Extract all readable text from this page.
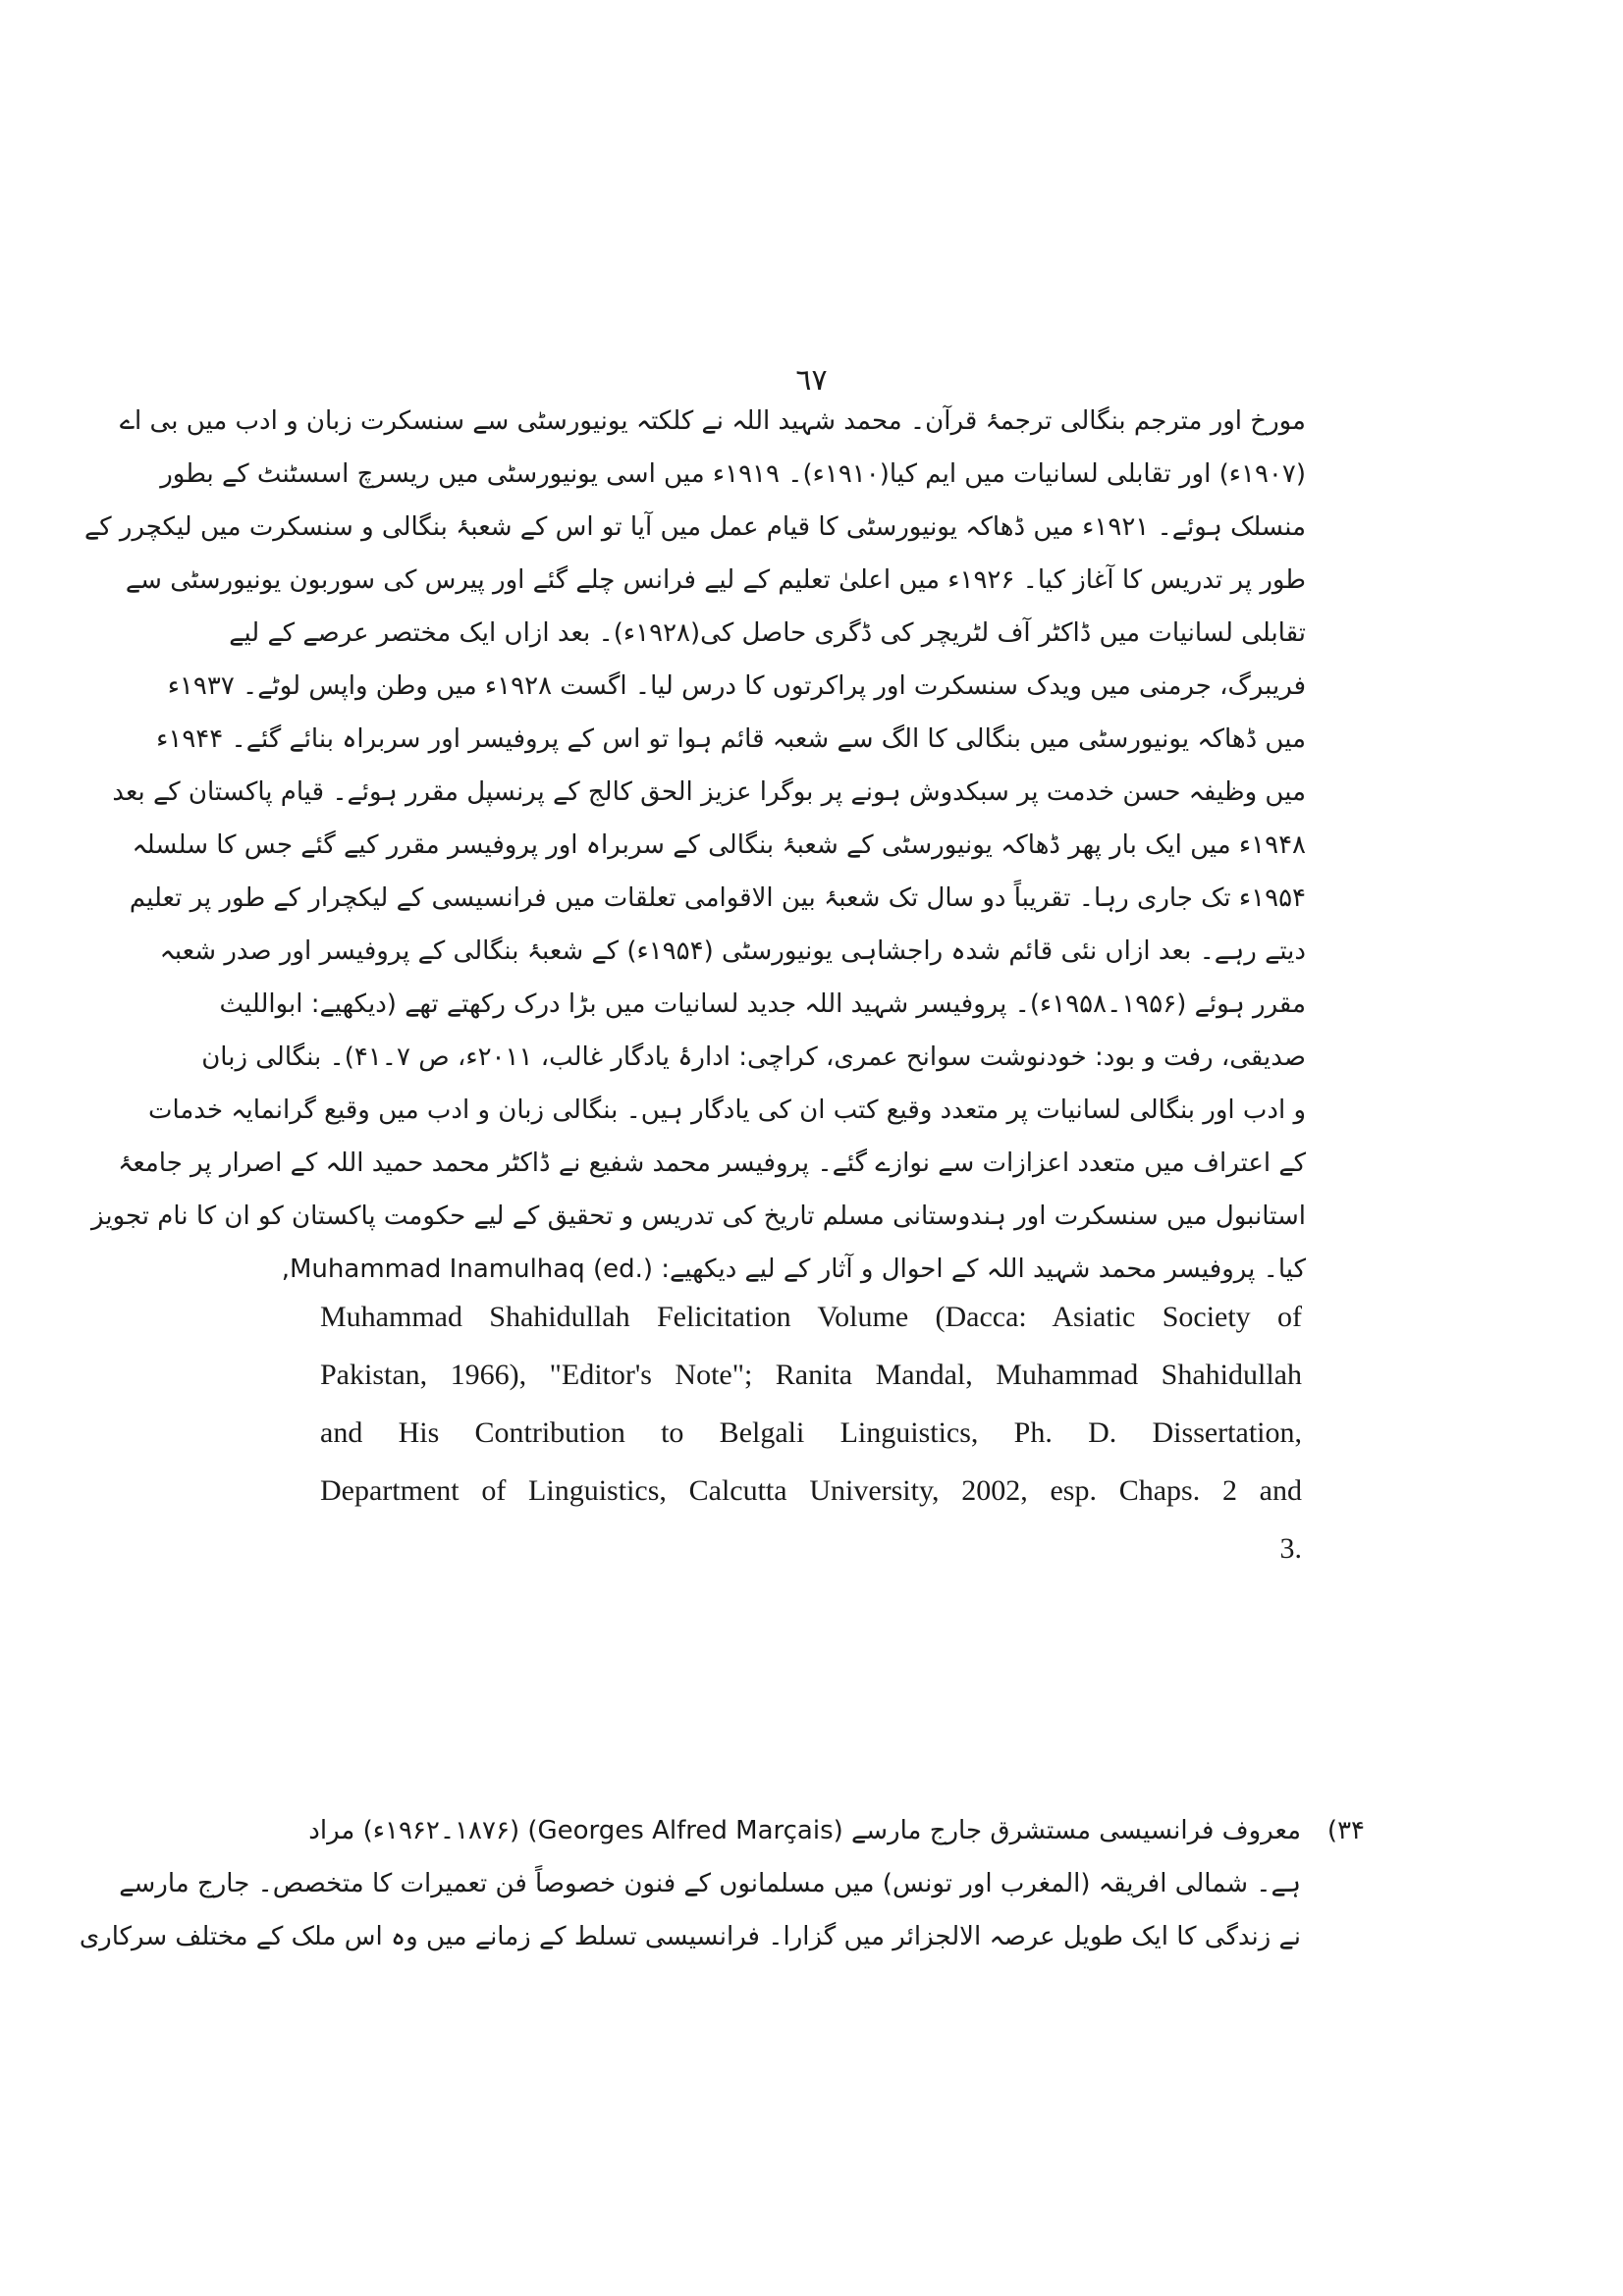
٦٧
مورخ اور مترجم بنگالی ترجمۂ قرآن۔ محمد شہید اللہ نے کلکتہ یونیورسٹی سے سنسکرت زبان و ادب میں بی اے
(۱۹۰۷ء) اور تقابلی لسانیات میں ایم کیا(۱۹۱۰ء)۔ ۱۹۱۹ء میں اسی یونیورسٹی میں ریسرچ اسسٹنٹ کے بطور
منسلک ہوئے۔ ۱۹۲۱ء میں ڈھاکہ یونیورسٹی کا قیام عمل میں آیا تو اس کے شعبۂ بنگالی و سنسکرت میں لیکچرر کے
طور پر تدریس کا آغاز کیا۔ ۱۹۲۶ء میں اعلیٰ تعلیم کے لیے فرانس چلے گئے اور پیرس کی سوربون یونیورسٹی سے
تقابلی لسانیات میں ڈاکٹر آف لٹریچر کی ڈگری حاصل کی(۱۹۲۸ء)۔ بعد ازاں ایک مختصر عرصے کے لیے
فریبرگ، جرمنی میں ویدک سنسکرت اور پراکرتوں کا درس لیا۔ اگست ۱۹۲۸ء میں وطن واپس لوٹے۔ ۱۹۳۷ء
میں ڈھاکہ یونیورسٹی میں بنگالی کا الگ سے شعبہ قائم ہوا تو اس کے پروفیسر اور سربراہ بنائے گئے۔ ۱۹۴۴ء
میں وظیفہ حسن خدمت پر سبکدوش ہونے پر بوگرا عزیز الحق کالج کے پرنسپل مقرر ہوئے۔ قیام پاکستان کے بعد
۱۹۴۸ء میں ایک بار پھر ڈھاکہ یونیورسٹی کے شعبۂ بنگالی کے سربراہ اور پروفیسر مقرر کیے گئے جس کا سلسلہ
۱۹۵۴ء تک جاری رہا۔ تقریباً دو سال تک شعبۂ بین الاقوامی تعلقات میں فرانسیسی کے لیکچرار کے طور پر تعلیم
دیتے رہے۔ بعد ازاں نئی قائم شدہ راجشاہی یونیورسٹی (۱۹۵۴ء) کے شعبۂ بنگالی کے پروفیسر اور صدر شعبہ
مقرر ہوئے (۱۹۵۶۔۱۹۵۸ء)۔ پروفیسر شہید اللہ جدید لسانیات میں بڑا درک رکھتے تھے (دیکھیے: ابواللیث
صدیقی، رفت و بود: خودنوشت سوانح عمری، کراچی: ادارۂ یادگار غالب، ۲۰۱۱ء، ص ۷۔۴۱)۔ بنگالی زبان
و ادب اور بنگالی لسانیات پر متعدد وقیع کتب ان کی یادگار ہیں۔ بنگالی زبان و ادب میں وقیع گرانمایہ خدمات
کے اعتراف میں متعدد اعزازات سے نوازے گئے۔ پروفیسر محمد شفیع نے ڈاکٹر محمد حمید اللہ کے اصرار پر جامعۂ
استانبول میں سنسکرت اور ہندوستانی مسلم تاریخ کی تدریس و تحقیق کے لیے حکومت پاکستان کو ان کا نام تجویز
کیا۔ پروفیسر محمد شہید اللہ کے احوال و آثار کے لیے دیکھیے: Muhammad Inamulhaq (ed.),
Muhammad Shahidullah Felicitation Volume (Dacca: Asiatic Society of
Pakistan, 1966), "Editor's Note"; Ranita Mandal, Muhammad Shahidullah
and His Contribution to Belgali Linguistics, Ph. D. Dissertation,
Department of Linguistics, Calcutta University, 2002, esp. Chaps. 2 and
3.
۳۴)
معروف فرانسیسی مستشرق جارج مارسے (Georges Alfred Marçais) (۱۸۷۶۔۱۹۶۲ء) مراد
ہے۔ شمالی افریقہ (المغرب اور تونس) میں مسلمانوں کے فنون خصوصاً فن تعمیرات کا متخصص۔ جارج مارسے
نے زندگی کا ایک طویل عرصہ الالجزائر میں گزارا۔ فرانسیسی تسلط کے زمانے میں وہ اس ملک کے مختلف سرکاری
